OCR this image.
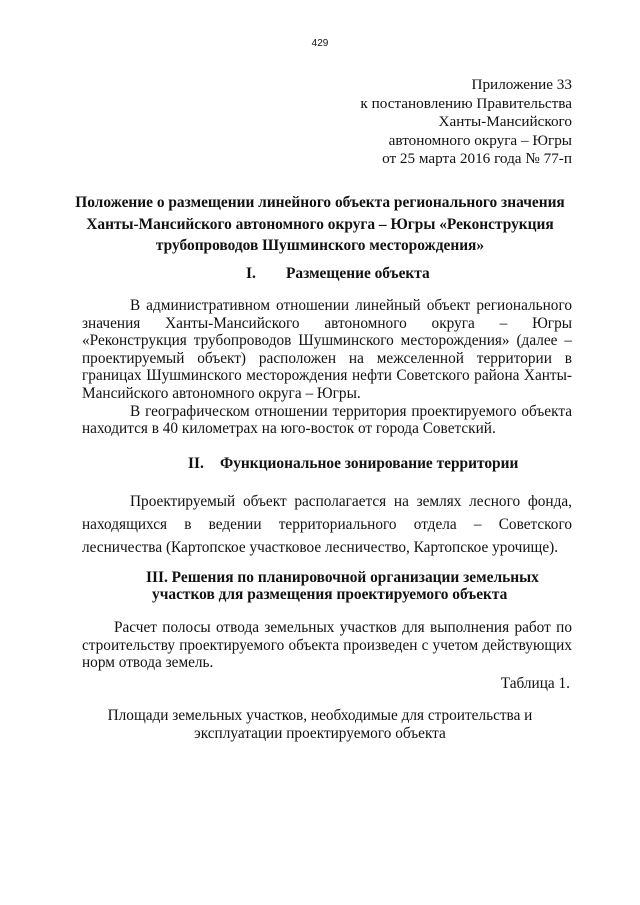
429
Приложение 33
к постановлению Правительства
Ханты-Мансийского
автономного округа – Югры
от 25 марта 2016 года № 77-п
Положение о размещении линейного объекта регионального значения Ханты-Мансийского автономного округа – Югры «Реконструкция трубопроводов Шушминского месторождения»
I. Размещение объекта

В административном отношении линейный объект регионального значения Ханты-Мансийского автономного округа – Югры «Реконструкция трубопроводов Шушминского месторождения» (далее – проектируемый объект) расположен на межселенной территории в границах Шушминского месторождения нефти Советского района Ханты-Мансийского автономного округа – Югры.

В географическом отношении территория проектируемого объекта находится в 40 километрах на юго-восток от города Советский.

II. Функциональное зонирование территории

Проектируемый объект располагается на землях лесного фонда, находящихся в ведении территориального отдела – Советского лесничества (Картопское участковое лесничество, Картопское урочище).

III. Решения по планировочной организации земельных
участков для размещения проектируемого объекта

Расчет полосы отвода земельных участков для выполнения работ по строительству проектируемого объекта произведен с учетом действующих норм отвода земель.

Таблица 1.
Площади земельных участков, необходимые для строительства и эксплуатации проектируемого объекта
